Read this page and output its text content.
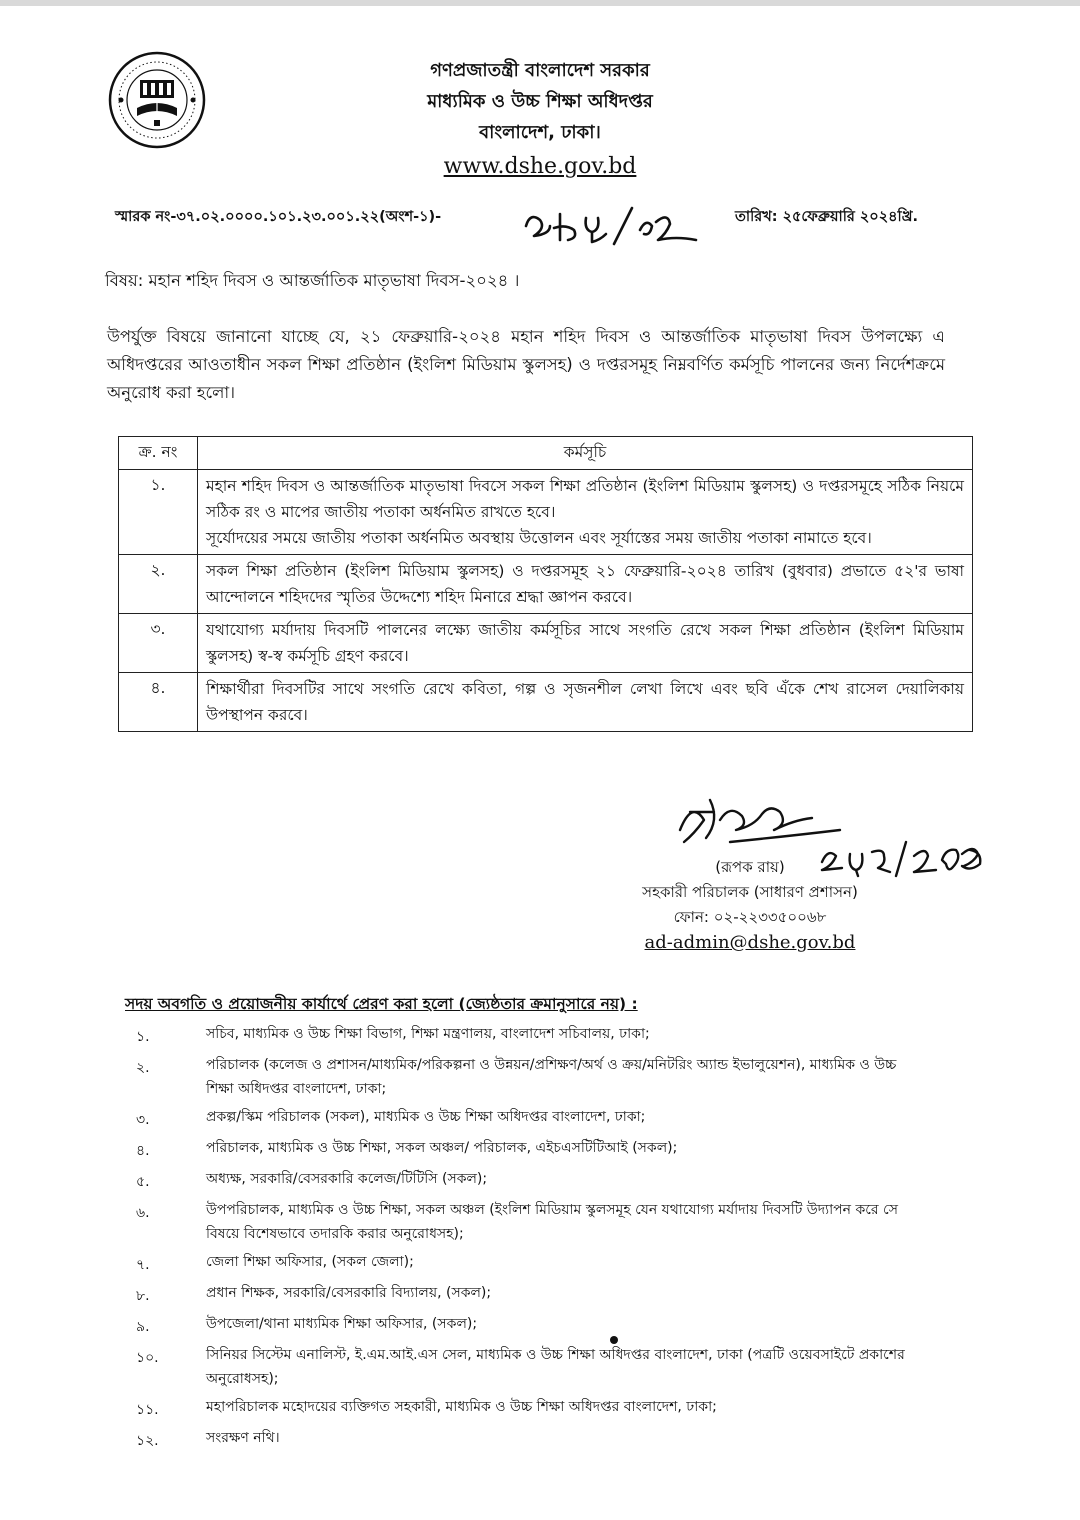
গণপ্রজাতন্ত্রী বাংলাদেশ সরকার
মাধ্যমিক ও উচ্চ শিক্ষা অধিদপ্তর
বাংলাদেশ, ঢাকা।
www.dshe.gov.bd
স্মারক নং-৩৭.০২.০০০০.১০১.২৩.০০১.২২(অংশ-১)-	তারিখ: ২৫ফেব্রুয়ারি ২০২৪খ্রি.
বিষয়: মহান শহিদ দিবস ও আন্তর্জাতিক মাতৃভাষা দিবস-২০২৪ ।
উপর্যুক্ত বিষয়ে জানানো যাচ্ছে যে, ২১ ফেব্রুয়ারি-২০২৪ মহান শহিদ দিবস ও আন্তর্জাতিক মাতৃভাষা দিবস উপলক্ষ্যে এ অধিদপ্তরের আওতাধীন সকল শিক্ষা প্রতিষ্ঠান (ইংলিশ মিডিয়াম স্কুলসহ) ও দপ্তরসমূহ নিম্নবর্ণিত কর্মসূচি পালনের জন্য নির্দেশক্রমে অনুরোধ করা হলো।
ক্র. নং	কর্মসূচি
১.	মহান শহিদ দিবস ও আন্তর্জাতিক মাতৃভাষা দিবসে সকল শিক্ষা প্রতিষ্ঠান (ইংলিশ মিডিয়াম স্কুলসহ) ও দপ্তরসমূহে সঠিক নিয়মে সঠিক রং ও মাপের জাতীয় পতাকা অর্ধনমিত রাখতে হবে।
সূর্যোদয়ের সময়ে জাতীয় পতাকা অর্ধনমিত অবস্থায় উত্তোলন এবং সূর্যাস্তের সময় জাতীয় পতাকা নামাতে হবে।

২.	সকল শিক্ষা প্রতিষ্ঠান (ইংলিশ মিডিয়াম স্কুলসহ) ও দপ্তরসমূহ ২১ ফেব্রুয়ারি-২০২৪ তারিখ (বুধবার) প্রভাতে ৫২'র ভাষা আন্দোলনে শহিদদের স্মৃতির উদ্দেশ্যে শহিদ মিনারে শ্রদ্ধা জ্ঞাপন করবে।

৩.	যথাযোগ্য মর্যাদায় দিবসটি পালনের লক্ষ্যে জাতীয় কর্মসূচির সাথে সংগতি রেখে সকল শিক্ষা প্রতিষ্ঠান (ইংলিশ মিডিয়াম স্কুলসহ) স্ব-স্ব কর্মসূচি গ্রহণ করবে।

৪.	শিক্ষার্থীরা দিবসটির সাথে সংগতি রেখে কবিতা, গল্প ও সৃজনশীল লেখা লিখে এবং ছবি এঁকে শেখ রাসেল দেয়ালিকায় উপস্থাপন করবে।
(রূপক রায়)
সহকারী পরিচালক (সাধারণ প্রশাসন)
ফোন: ০২-২২৩৩৫০০৬৮
ad-admin@dshe.gov.bd
সদয় অবগতি ও প্রয়োজনীয় কার্যার্থে প্রেরণ করা হলো (জ্যেষ্ঠতার ক্রমানুসারে নয়) :
১.	সচিব, মাধ্যমিক ও উচ্চ শিক্ষা বিভাগ, শিক্ষা মন্ত্রণালয়, বাংলাদেশ সচিবালয়, ঢাকা;
২.	পরিচালক (কলেজ ও প্রশাসন/মাধ্যমিক/পরিকল্পনা ও উন্নয়ন/প্রশিক্ষণ/অর্থ ও ক্রয়/মনিটরিং অ্যান্ড ইভালুয়েশন), মাধ্যমিক ও উচ্চ শিক্ষা অধিদপ্তর বাংলাদেশ, ঢাকা;
৩.	প্রকল্প/স্কিম পরিচালক (সকল), মাধ্যমিক ও উচ্চ শিক্ষা অধিদপ্তর বাংলাদেশ, ঢাকা;
৪.	পরিচালক, মাধ্যমিক ও উচ্চ শিক্ষা, সকল অঞ্চল/ পরিচালক, এইচএসটিটিআই (সকল);
৫.	অধ্যক্ষ, সরকারি/বেসরকারি কলেজ/টিটিসি (সকল);
৬.	উপপরিচালক, মাধ্যমিক ও উচ্চ শিক্ষা, সকল অঞ্চল (ইংলিশ মিডিয়াম স্কুলসমূহ যেন যথাযোগ্য মর্যাদায় দিবসটি উদ্যাপন করে সে বিষয়ে বিশেষভাবে তদারকি করার অনুরোধসহ);
৭.	জেলা শিক্ষা অফিসার, (সকল জেলা);
৮.	প্রধান শিক্ষক, সরকারি/বেসরকারি বিদ্যালয়, (সকল);
৯.	উপজেলা/থানা মাধ্যমিক শিক্ষা অফিসার, (সকল);
১০.	সিনিয়র সিস্টেম এনালিস্ট, ই.এম.আই.এস সেল, মাধ্যমিক ও উচ্চ শিক্ষা অধিদপ্তর বাংলাদেশ, ঢাকা (পত্রটি ওয়েবসাইটে প্রকাশের অনুরোধসহ);
১১.	মহাপরিচালক মহোদয়ের ব্যক্তিগত সহকারী, মাধ্যমিক ও উচ্চ শিক্ষা অধিদপ্তর বাংলাদেশ, ঢাকা;
১২.	সংরক্ষণ নথি।
